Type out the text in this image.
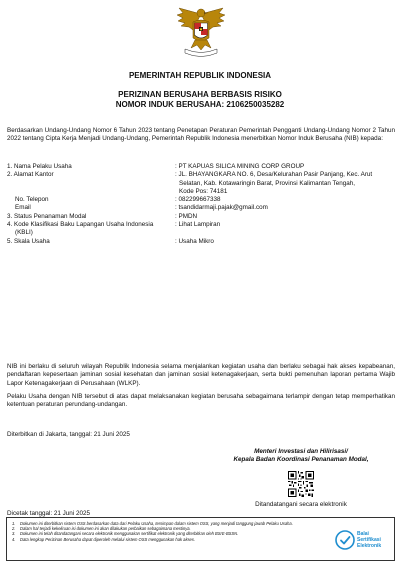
PEMERINTAH REPUBLIK INDONESIA
PERIZINAN BERUSAHA BERBASIS RISIKO
NOMOR INDUK BERUSAHA: 2106250035282
Berdasarkan Undang-Undang Nomor 6 Tahun 2023 tentang Penetapan Peraturan Pemerintah Pengganti Undang-Undang Nomor 2 Tahun 2022 tentang Cipta Kerja Menjadi Undang-Undang, Pemerintah Republik Indonesia menerbitkan Nomor Induk Berusaha (NIB) kepada:
1. Nama Pelaku Usaha	: PT KAPUAS SILICA MINING CORP GROUP
2. Alamat Kantor	: JL. BHAYANGKARA NO. 6, Desa/Kelurahan Pasir Panjang, Kec. Arut
Selatan, Kab. Kotawaringin Barat, Provinsi Kalimantan Tengah,
Kode Pos: 74181

No. Telepon	: 082299667338
Email	: tsandidarmaji.pajak@gmail.com
3. Status Penanaman Modal	: PMDN

4. Kode Klasifikasi Baku Lapangan Usaha Indonesia
(KBLI)	: Lihat Lampiran
5. Skala Usaha	: Usaha Mikro
NIB ini berlaku di seluruh wilayah Republik Indonesia selama menjalankan kegiatan usaha dan berlaku sebagai hak akses kepabeanan, pendaftaran kepesertaan jaminan sosial kesehatan dan jaminan sosial ketenagakerjaan, serta bukti pemenuhan laporan pertama Wajib Lapor Ketenagakerjaan di Perusahaan (WLKP).
Pelaku Usaha dengan NIB tersebut di atas dapat melaksanakan kegiatan berusaha sebagaimana terlampir dengan tetap memperhatikan ketentuan peraturan perundang-undangan.
Diterbitkan di Jakarta, tanggal: 21 Juni 2025
Menteri Investasi dan Hilirisasi/
Kepala Badan Koordinasi Penanaman Modal,
Ditandatangani secara elektronik
Dicetak tanggal: 21 Juni 2025
1.	Dokumen ini diterbitkan sistem OSS berdasarkan data dari Pelaku Usaha, tersimpan dalam sistem OSS, yang menjadi tanggung jawab Pelaku Usaha.
2.	Dalam hal terjadi kekeliruan isi dokumen ini akan dilakukan perbaikan sebagaimana mestinya.
3.	Dokumen ini telah ditandatangani secara elektronik menggunakan sertifikat elektronik yang diterbitkan oleh BSrE-BSSN.
4.	Data lengkap Perizinan Berusaha dapat diperoleh melalui sistem OSS menggunakan hak akses.
Balai
Sertifikasi
Elektronik
